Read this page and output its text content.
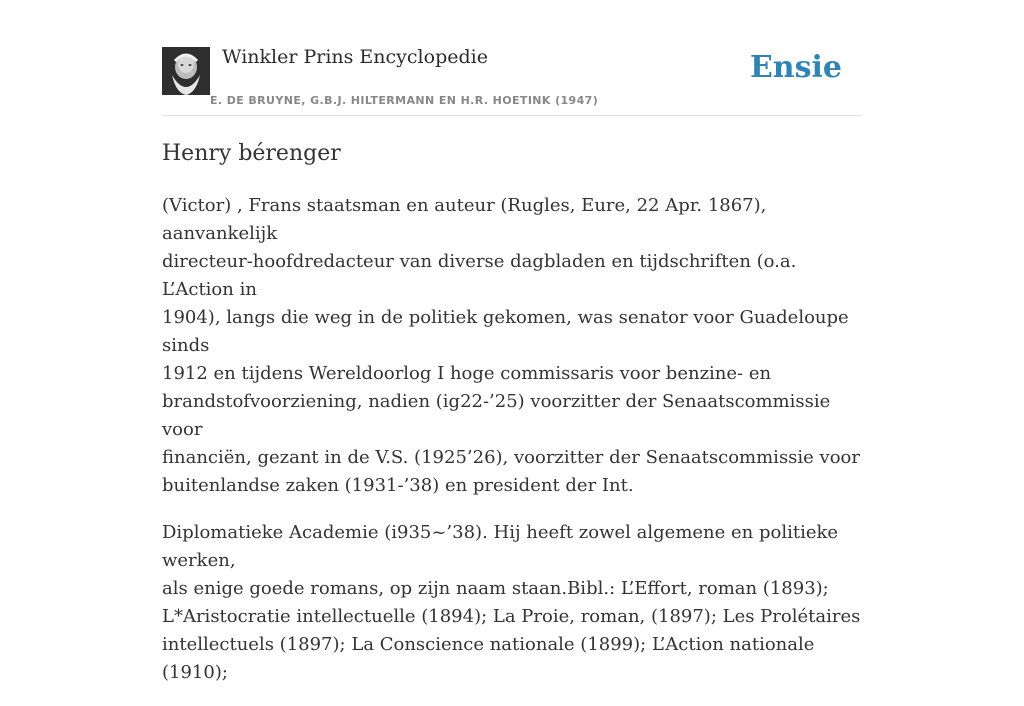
Winkler Prins Encyclopedie
E. DE BRUYNE, G.B.J. HILTERMANN EN H.R. HOETINK (1947)
Ensie
Henry bérenger

(Victor) , Frans staatsman en auteur (Rugles, Eure, 22 Apr. 1867), aanvankelijk
directeur-hoofdredacteur van diverse dagbladen en tijdschriften (o.a. L’Action in
1904), langs die weg in de politiek gekomen, was senator voor Guadeloupe sinds
1912 en tijdens Wereldoorlog I hoge commissaris voor benzine- en
brandstofvoorziening, nadien (ig22-’25) voorzitter der Senaatscommissie voor
financiën, gezant in de V.S. (1925’26), voorzitter der Senaatscommissie voor
buitenlandse zaken (1931-’38) en president der Int.

Diplomatieke Academie (i935~’38). Hij heeft zowel algemene en politieke werken,
als enige goede romans, op zijn naam staan.Bibl.: L’Effort, roman (1893);
L*Aristocratie intellectuelle (1894); La Proie, roman, (1897); Les Prolétaires
intellectuels (1897); La Conscience nationale (1899); L’Action nationale (1910);
